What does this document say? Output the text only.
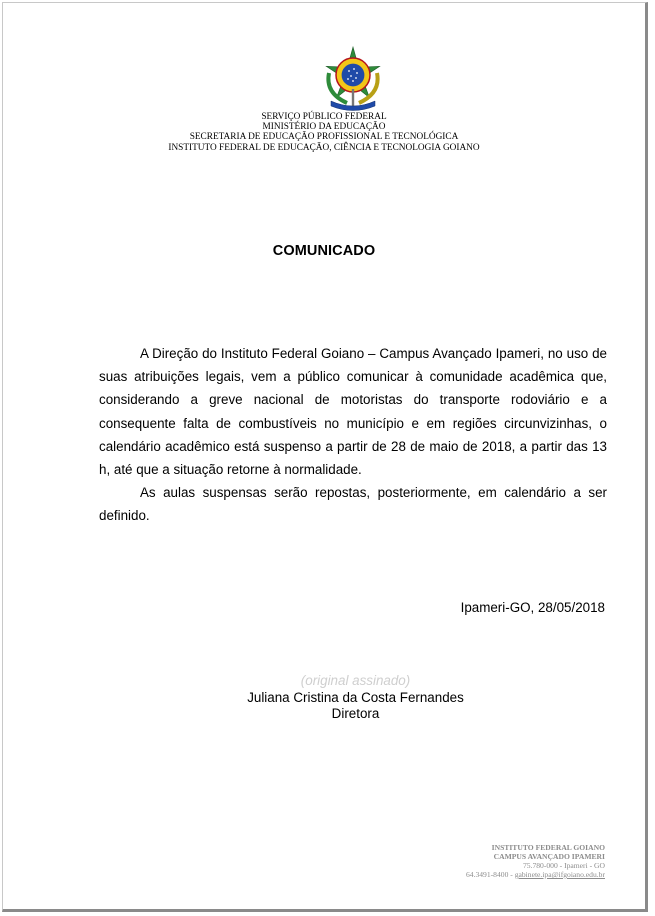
SERVIÇO PÚBLICO FEDERAL
MINISTÉRIO DA EDUCAÇÃO
SECRETARIA DE EDUCAÇÃO PROFISSIONAL E TECNOLÓGICA
INSTITUTO FEDERAL DE EDUCAÇÃO, CIÊNCIA E TECNOLOGIA GOIANO
COMUNICADO

A Direção do Instituto Federal Goiano – Campus Avançado Ipameri, no uso de suas atribuições legais, vem a público comunicar à comunidade acadêmica que, considerando a greve nacional de motoristas do transporte rodoviário e a consequente falta de combustíveis no município e em regiões circunvizinhas, o calendário acadêmico está suspenso a partir de 28 de maio de 2018, a partir das 13 h, até que a situação retorne à normalidade.

As aulas suspensas serão repostas, posteriormente, em calendário a ser definido.

Ipameri-GO, 28/05/2018
(original assinado)
Juliana Cristina da Costa Fernandes
Diretora
INSTITUTO FEDERAL GOIANO
CAMPUS AVANÇADO IPAMERI
75.780-000 - Ipameri - GO
64.3491-8400 - gabinete.ipa@ifgoiano.edu.br
